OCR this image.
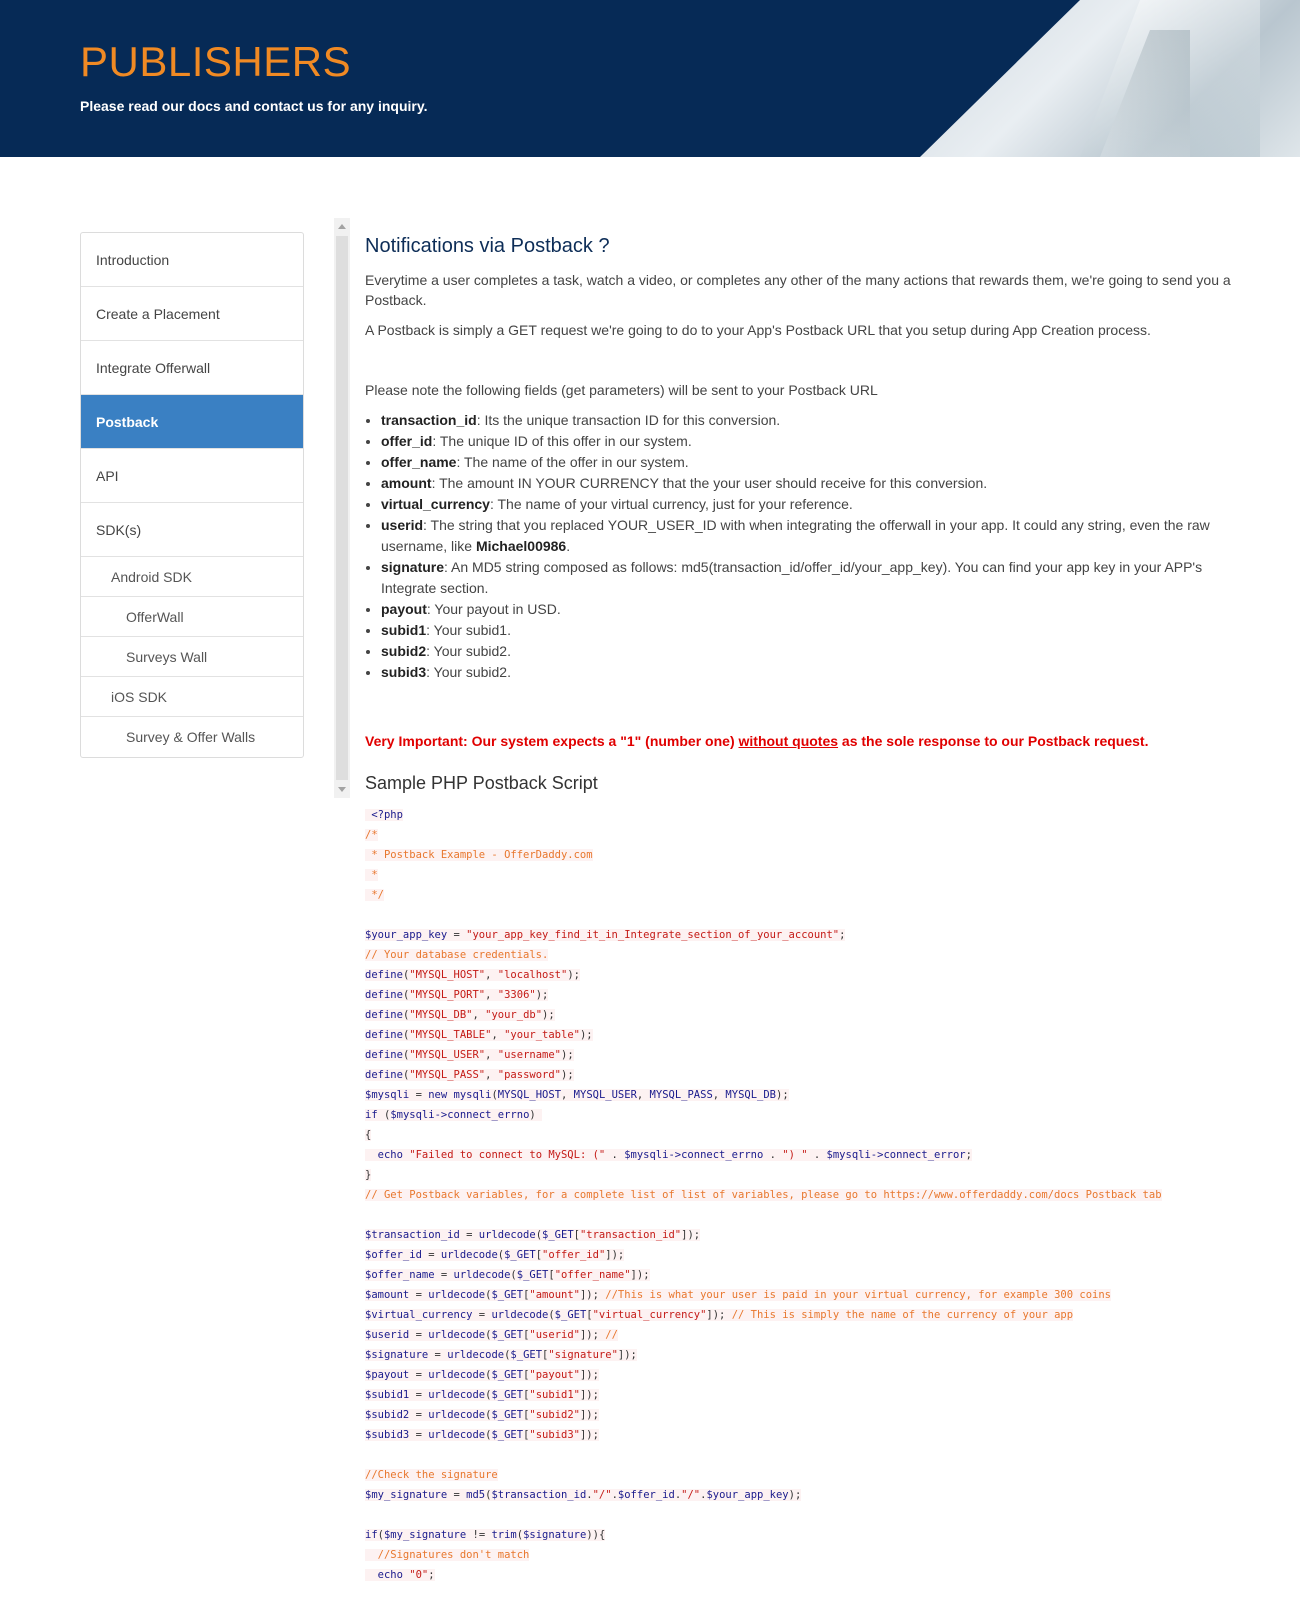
PUBLISHERS

Please read our docs and contact us for any inquiry.

Introduction
Create a Placement
Integrate Offerwall
Postback
API
SDK(s)
Android SDK
OfferWall
Surveys Wall
iOS SDK
Survey & Offer Walls
Notifications via Postback ?

Everytime a user completes a task, watch a video, or completes any other of the many actions that rewards them, we're going to send you a Postback.

A Postback is simply a GET request we're going to do to your App's Postback URL that you setup during App Creation process.

Please note the following fields (get parameters) will be sent to your Postback URL

• transaction_id: Its the unique transaction ID for this conversion.
• offer_id: The unique ID of this offer in our system.
• offer_name: The name of the offer in our system.
• amount: The amount IN YOUR CURRENCY that the your user should receive for this conversion.
• virtual_currency: The name of your virtual currency, just for your reference.
• userid: The string that you replaced YOUR_USER_ID with when integrating the offerwall in your app. It could any string, even the raw username, like Michael00986.
• signature: An MD5 string composed as follows: md5(transaction_id/offer_id/your_app_key). You can find your app key in your APP's Integrate section.
• payout: Your payout in USD.
• subid1: Your subid1.
• subid2: Your subid2.
• subid3: Your subid2.
Very Important: Our system expects a "1" (number one) without quotes as the sole response to our Postback request.
Sample PHP Postback Script
<?php
/*
* Postback Example - OfferDaddy.com
*
*/
$your_app_key = "your_app_key_find_it_in_Integrate_section_of_your_account";
// Your database credentials.
define("MYSQL_HOST", "localhost");
define("MYSQL_PORT", "3306");
define("MYSQL_DB", "your_db");
define("MYSQL_TABLE", "your_table");
define("MYSQL_USER", "username");
define("MYSQL_PASS", "password");
$mysqli = new mysqli(MYSQL_HOST, MYSQL_USER, MYSQL_PASS, MYSQL_DB);
if ($mysqli->connect_errno)
{
echo "Failed to connect to MySQL: (" . $mysqli->connect_errno . ") " . $mysqli->connect_error;
}
// Get Postback variables, for a complete list of list of variables, please go to https://www.offerdaddy.com/docs Postback tab
$transaction_id = urldecode($_GET["transaction_id"]);
$offer_id = urldecode($_GET["offer_id"]);
$offer_name = urldecode($_GET["offer_name"]);
$amount = urldecode($_GET["amount"]); //This is what your user is paid in your virtual currency, for example 300 coins
$virtual_currency = urldecode($_GET["virtual_currency"]); // This is simply the name of the currency of your app
$userid = urldecode($_GET["userid"]); //
$signature = urldecode($_GET["signature"]);
$payout = urldecode($_GET["payout"]);
$subid1 = urldecode($_GET["subid1"]);
$subid2 = urldecode($_GET["subid2"]);
$subid3 = urldecode($_GET["subid3"]);
//Check the signature
$my_signature = md5($transaction_id."/".$offer_id."/".$your_app_key);
if($my_signature != trim($signature)){
//Signatures don't match
echo "0";
